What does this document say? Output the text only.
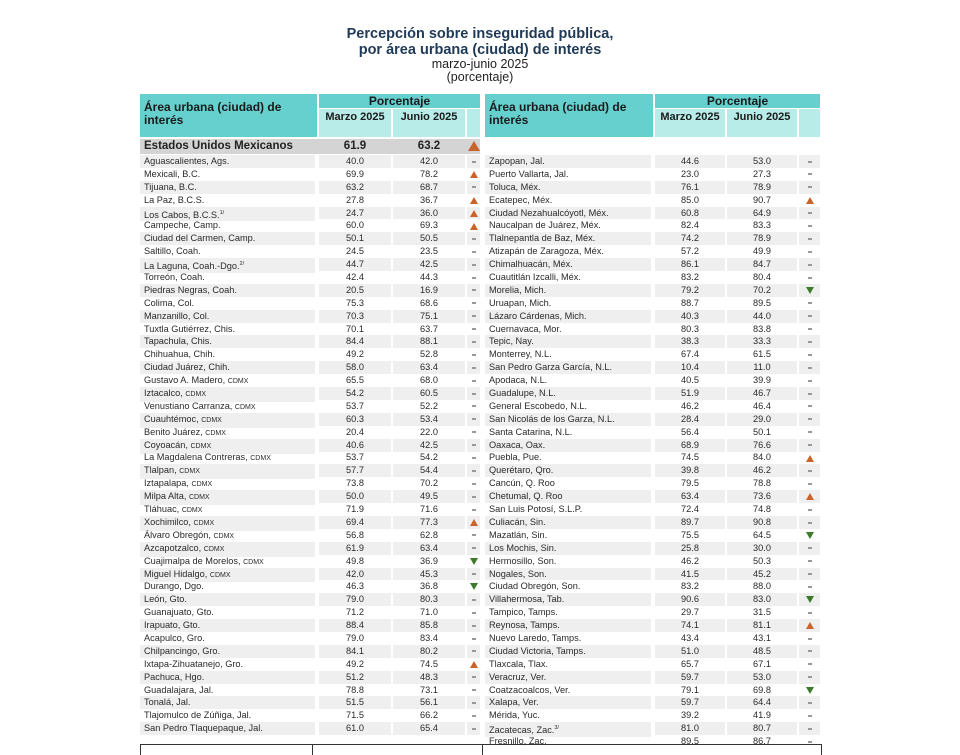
Percepción sobre inseguridad pública,
por área urbana (ciudad) de interés
marzo-junio 2025
(porcentaje)
Área urbana (ciudad) de interés
Porcentaje
Marzo 2025	Junio 2025
Estados Unidos Mexicanos	61.9	63.2
Aguascalientes, Ags.	40.0	42.0
Mexicali, B.C.	69.9	78.2
Tijuana, B.C.	63.2	68.7
La Paz, B.C.S.	27.8	36.7
Los Cabos, B.C.S.$^{1/}$	24.7	36.0
Campeche, Camp.	60.0	69.3
Ciudad del Carmen, Camp.	50.1	50.5
Saltillo, Coah.	24.5	23.5
La Laguna, Coah.-Dgo.$^{2/}$	44.7	42.5
Torreón, Coah.	42.4	44.3
Piedras Negras, Coah.	20.5	16.9
Colima, Col.	75.3	68.6
Manzanillo, Col.	70.3	75.1
Tuxtla Gutiérrez, Chis.	70.1	63.7
Tapachula, Chis.	84.4	88.1
Chihuahua, Chih.	49.2	52.8
Ciudad Juárez, Chih.	58.0	63.4
Gustavo A. Madero, CDMX	65.5	68.0
Iztacalco, CDMX	54.2	60.5
Venustiano Carranza, CDMX	53.7	52.2
Cuauhtémoc, CDMX	60.3	53.4
Benito Juárez, CDMX	20.4	22.0
Coyoacán, CDMX	40.6	42.5
La Magdalena Contreras, CDMX	53.7	54.2
Tlalpan, CDMX	57.7	54.4
Iztapalapa, CDMX	73.8	70.2
Milpa Alta, CDMX	50.0	49.5
Tláhuac, CDMX	71.9	71.6
Xochimilco, CDMX	69.4	77.3
Álvaro Obregón, CDMX	56.8	62.8
Azcapotzalco, CDMX	61.9	63.4
Cuajimalpa de Morelos, CDMX	49.8	36.9
Miguel Hidalgo, CDMX	42.0	45.3
Durango, Dgo.	46.3	36.8
León, Gto.	79.0	80.3
Guanajuato, Gto.	71.2	71.0
Irapuato, Gto.	88.4	85.8
Acapulco, Gro.	79.0	83.4
Chilpancingo, Gro.	84.1	80.2
Ixtapa-Zihuatanejo, Gro.	49.2	74.5
Pachuca, Hgo.	51.2	48.3
Guadalajara, Jal.	78.8	73.1
Tonalá, Jal.	51.5	56.1
Tlajomulco de Zúñiga, Jal.	71.5	66.2
San Pedro Tlaquepaque, Jal.	61.0	65.4
Área urbana (ciudad) de interés
Porcentaje
Marzo 2025	Junio 2025
Zapopan, Jal.	44.6	53.0
Puerto Vallarta, Jal.	23.0	27.3
Toluca, Méx.	76.1	78.9
Ecatepec, Méx.	85.0	90.7
Ciudad Nezahualcóyotl, Méx.	60.8	64.9
Naucalpan de Juárez, Méx.	82.4	83.3
Tlalnepantla de Baz, Méx.	74.2	78.9
Atizapán de Zaragoza, Méx.	57.2	49.9
Chimalhuacán, Méx.	86.1	84.7
Cuautitlán Izcalli, Méx.	83.2	80.4
Morelia, Mich.	79.2	70.2
Uruapan, Mich.	88.7	89.5
Lázaro Cárdenas, Mich.	40.3	44.0
Cuernavaca, Mor.	80.3	83.8
Tepic, Nay.	38.3	33.3
Monterrey, N.L.	67.4	61.5
San Pedro Garza García, N.L.	10.4	11.0
Apodaca, N.L.	40.5	39.9
Guadalupe, N.L.	51.9	46.7
General Escobedo, N.L.	46.2	46.4
San Nicolás de los Garza, N.L.	28.4	29.0
Santa Catarina, N.L.	56.4	50.1
Oaxaca, Oax.	68.9	76.6
Puebla, Pue.	74.5	84.0
Querétaro, Qro.	39.8	46.2
Cancún, Q. Roo	79.5	78.8
Chetumal, Q. Roo	63.4	73.6
San Luis Potosí, S.L.P.	72.4	74.8
Culiacán, Sin.	89.7	90.8
Mazatlán, Sin.	75.5	64.5
Los Mochis, Sin.	25.8	30.0
Hermosillo, Son.	46.2	50.3
Nogales, Son.	41.5	45.2
Ciudad Obregón, Son.	83.2	88.0
Villahermosa, Tab.	90.6	83.0
Tampico, Tamps.	29.7	31.5
Reynosa, Tamps.	74.1	81.1
Nuevo Laredo, Tamps.	43.4	43.1
Ciudad Victoria, Tamps.	51.0	48.5
Tlaxcala, Tlax.	65.7	67.1
Veracruz, Ver.	59.7	53.0
Coatzacoalcos, Ver.	79.1	69.8
Xalapa, Ver.	59.7	64.4
Mérida, Yuc.	39.2	41.9
Zacatecas, Zac.$^{3/}$	81.0	80.7
Fresnillo, Zac.	89.5	86.7
